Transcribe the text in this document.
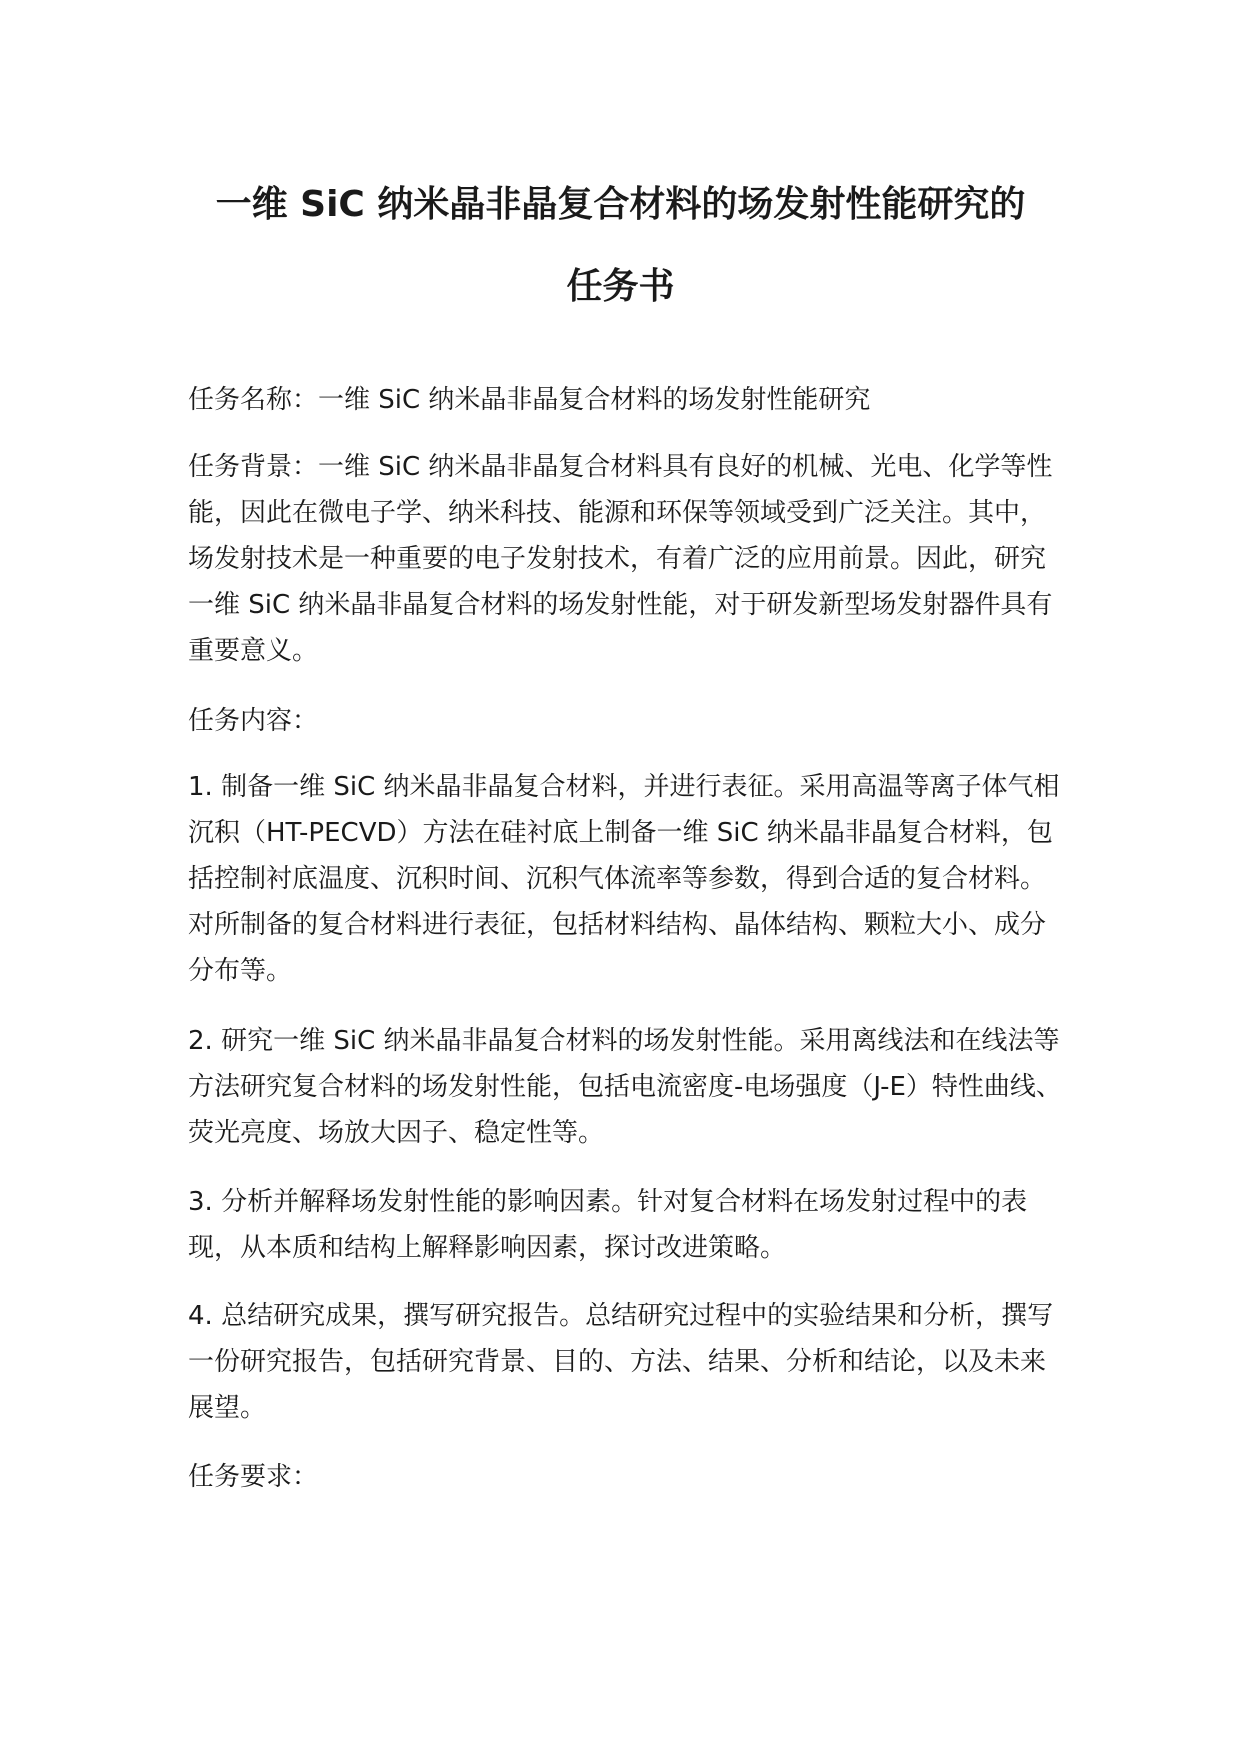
一维 SiC 纳米晶非晶复合材料的场发射性能研究的
任务书

任务名称：一维 SiC 纳米晶非晶复合材料的场发射性能研究

任务背景：一维 SiC 纳米晶非晶复合材料具有良好的机械、光电、化学等性能，因此在微电子学、纳米科技、能源和环保等领域受到广泛关注。其中，场发射技术是一种重要的电子发射技术，有着广泛的应用前景。因此，研究一维 SiC 纳米晶非晶复合材料的场发射性能，对于研发新型场发射器件具有重要意义。

任务内容：

1. 制备一维 SiC 纳米晶非晶复合材料，并进行表征。采用高温等离子体气相沉积（HT-PECVD）方法在硅衬底上制备一维 SiC 纳米晶非晶复合材料，包括控制衬底温度、沉积时间、沉积气体流率等参数，得到合适的复合材料。对所制备的复合材料进行表征，包括材料结构、晶体结构、颗粒大小、成分分布等。

2. 研究一维 SiC 纳米晶非晶复合材料的场发射性能。采用离线法和在线法等方法研究复合材料的场发射性能，包括电流密度-电场强度（J-E）特性曲线、荧光亮度、场放大因子、稳定性等。

3. 分析并解释场发射性能的影响因素。针对复合材料在场发射过程中的表现，从本质和结构上解释影响因素，探讨改进策略。

4. 总结研究成果，撰写研究报告。总结研究过程中的实验结果和分析，撰写一份研究报告，包括研究背景、目的、方法、结果、分析和结论，以及未来展望。

任务要求：
